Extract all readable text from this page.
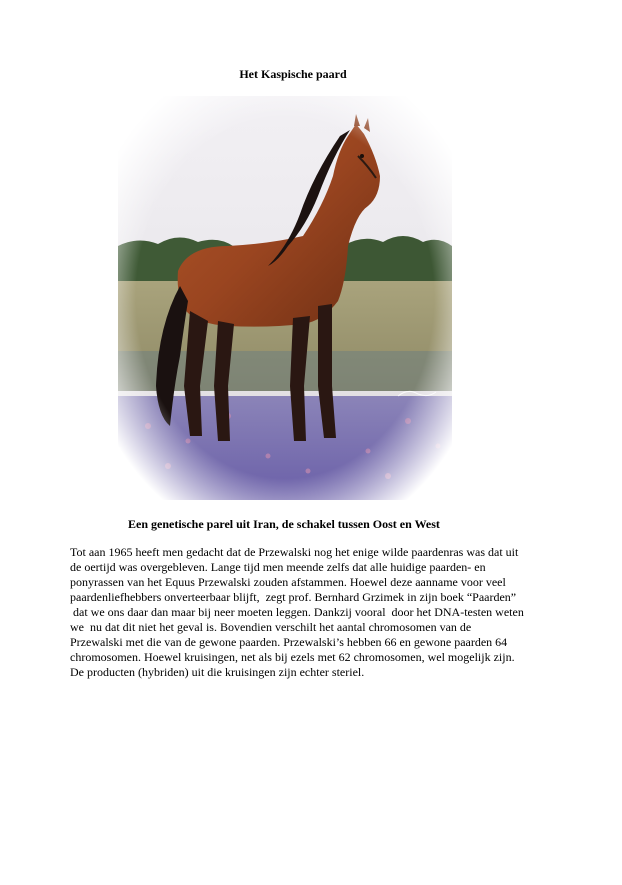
Het Kaspische paard
Een genetische parel uit Iran, de schakel tussen Oost en West
Tot aan 1965 heeft men gedacht dat de Przewalski nog het enige wilde paardenras was dat uit
de oertijd was overgebleven. Lange tijd men meende zelfs dat alle huidige paarden- en
ponyrassen van het Equus Przewalski zouden afstammen. Hoewel deze aanname voor veel
paardenliefhebbers onverteerbaar blijft,  zegt prof. Bernhard Grzimek in zijn boek “Paarden”
dat we ons daar dan maar bij neer moeten leggen. Dankzij vooral  door het DNA-testen weten
we  nu dat dit niet het geval is. Bovendien verschilt het aantal chromosomen van de
Przewalski met die van de gewone paarden. Przewalski’s hebben 66 en gewone paarden 64
chromosomen. Hoewel kruisingen, net als bij ezels met 62 chromosomen, wel mogelijk zijn.
De producten (hybriden) uit die kruisingen zijn echter steriel.
